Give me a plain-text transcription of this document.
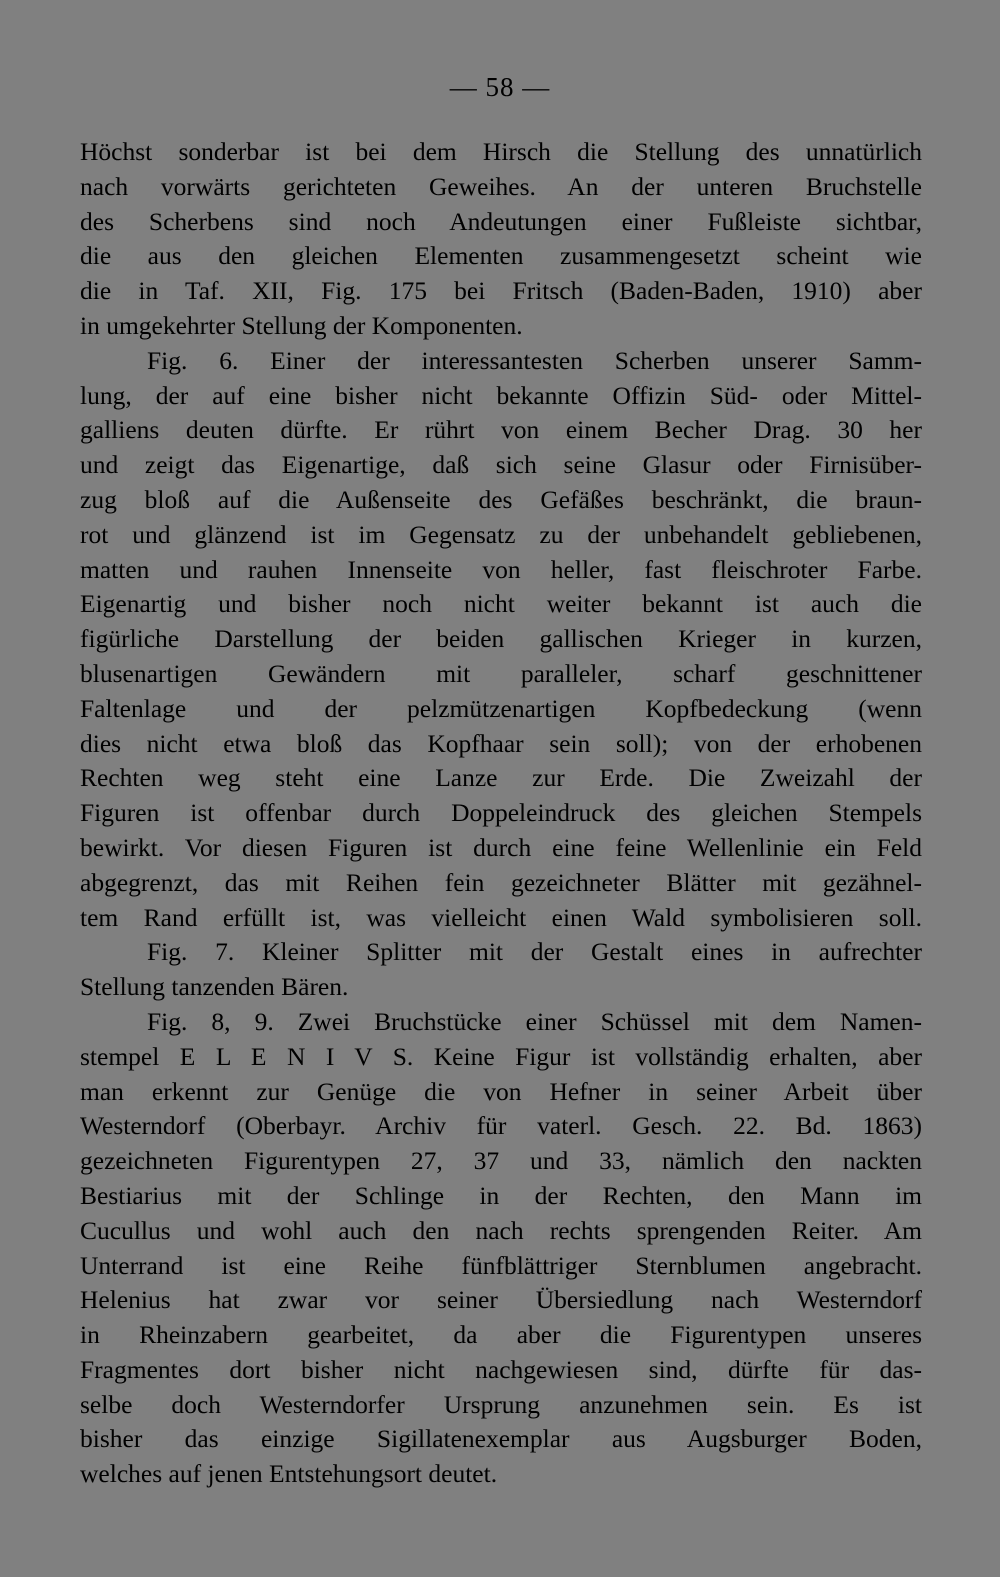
— 58 —
Höchst sonderbar ist bei dem Hirsch die Stellung des unnatürlich
nach vorwärts gerichteten Geweihes. An der unteren Bruchstelle
des Scherbens sind noch Andeutungen einer Fußleiste sichtbar,
die aus den gleichen Elementen zusammengesetzt scheint wie
die in Taf. XII, Fig. 175 bei Fritsch (Baden-Baden, 1910) aber
in umgekehrter Stellung der Komponenten.
Fig. 6. Einer der interessantesten Scherben unserer Samm-
lung, der auf eine bisher nicht bekannte Offizin Süd- oder Mittel-
galliens deuten dürfte. Er rührt von einem Becher Drag. 30 her
und zeigt das Eigenartige, daß sich seine Glasur oder Firnisüber-
zug bloß auf die Außenseite des Gefäßes beschränkt, die braun-
rot und glänzend ist im Gegensatz zu der unbehandelt gebliebenen,
matten und rauhen Innenseite von heller, fast fleischroter Farbe.
Eigenartig und bisher noch nicht weiter bekannt ist auch die
figürliche Darstellung der beiden gallischen Krieger in kurzen,
blusenartigen Gewändern mit paralleler, scharf geschnittener
Faltenlage und der pelzmützenartigen Kopfbedeckung (wenn
dies nicht etwa bloß das Kopfhaar sein soll); von der erhobenen
Rechten weg steht eine Lanze zur Erde. Die Zweizahl der
Figuren ist offenbar durch Doppeleindruck des gleichen Stempels
bewirkt. Vor diesen Figuren ist durch eine feine Wellenlinie ein Feld
abgegrenzt, das mit Reihen fein gezeichneter Blätter mit gezähnel-
tem Rand erfüllt ist, was vielleicht einen Wald symbolisieren soll.
Fig. 7. Kleiner Splitter mit der Gestalt eines in aufrechter
Stellung tanzenden Bären.
Fig. 8, 9. Zwei Bruchstücke einer Schüssel mit dem Namen-
stempel E L E N I V S. Keine Figur ist vollständig erhalten, aber
man erkennt zur Genüge die von Hefner in seiner Arbeit über
Westerndorf (Oberbayr. Archiv für vaterl. Gesch. 22. Bd. 1863)
gezeichneten Figurentypen 27, 37 und 33, nämlich den nackten
Bestiarius mit der Schlinge in der Rechten, den Mann im
Cucullus und wohl auch den nach rechts sprengenden Reiter. Am
Unterrand ist eine Reihe fünfblättriger Sternblumen angebracht.
Helenius hat zwar vor seiner Übersiedlung nach Westerndorf
in Rheinzabern gearbeitet, da aber die Figurentypen unseres
Fragmentes dort bisher nicht nachgewiesen sind, dürfte für das-
selbe doch Westerndorfer Ursprung anzunehmen sein. Es ist
bisher das einzige Sigillatenexemplar aus Augsburger Boden,
welches auf jenen Entstehungsort deutet.
